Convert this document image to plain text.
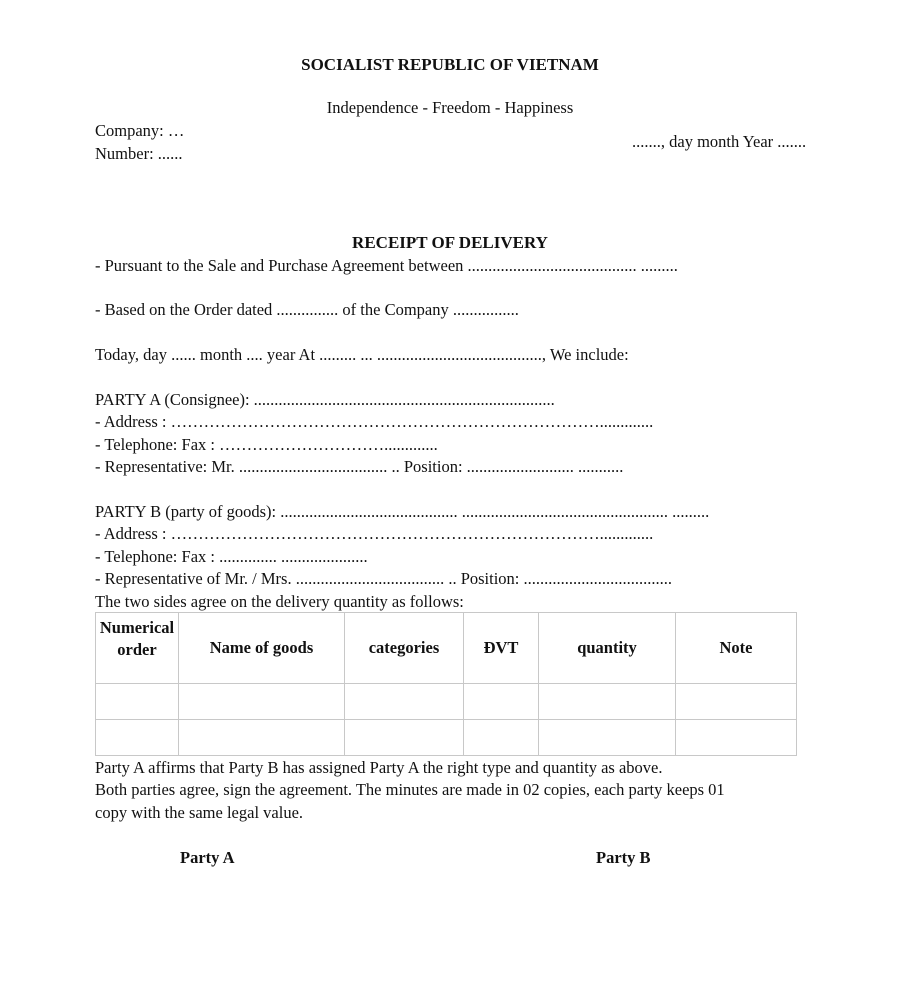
SOCIALIST REPUBLIC OF VIETNAM
Independence - Freedom - Happiness
Company: …
Number: ......
......., day month Year .......
RECEIPT OF DELIVERY
- Pursuant to the Sale and Purchase Agreement between ......................................... .........
- Based on the Order dated ............... of the Company ................
Today, day ...... month .... year At ......... ... ........................................, We include:
PARTY A (Consignee): .........................................................................
- Address : …………………………………………………………………….............
- Telephone: Fax : ………………………….............
- Representative: Mr. .................................... .. Position: .......................... ...........
PARTY B (party of goods): ........................................... .................................................. .........
- Address : …………………………………………………………………….............
- Telephone: Fax : .............. .....................
- Representative of Mr. / Mrs. .................................... .. Position: ....................................
The two sides agree on the delivery quantity as follows:
Numerical
order	Name of goods	categories	ĐVT	quantity	Note

Party A affirms that Party B has assigned Party A the right type and quantity as above.
Both parties agree, sign the agreement. The minutes are made in 02 copies, each party keeps 01
copy with the same legal value.
Party A	Party B
